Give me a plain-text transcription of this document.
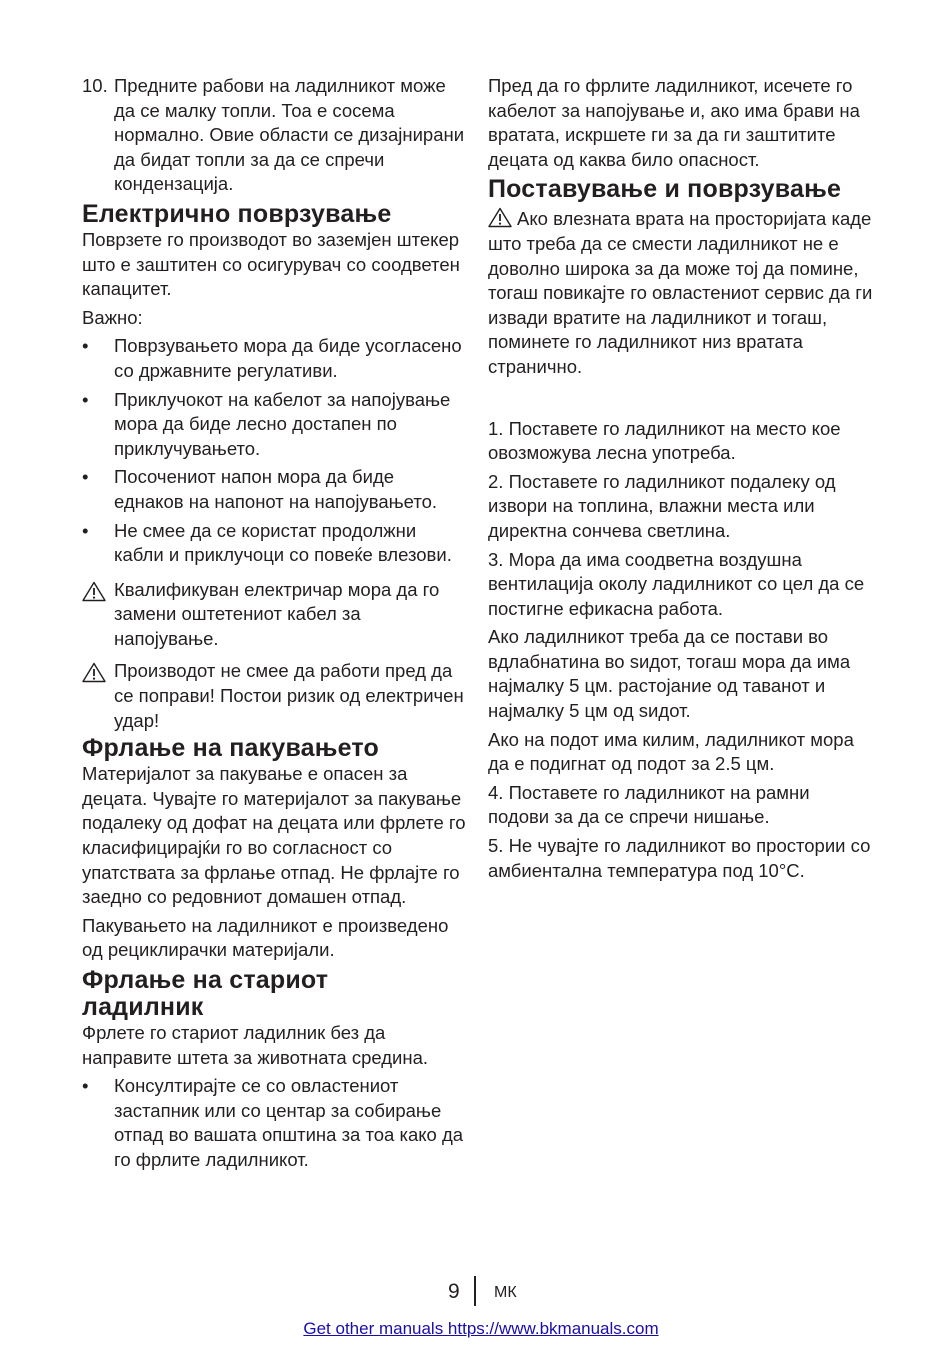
10. Предните рабови на ладилникот може да се малку топли. Тоа е сосема нормално. Овие области се дизајнирани да бидат топли за да се спречи кондензација.
Електрично поврзување

Поврзете го производот во заземјен штекер што е заштитен со осигурувач со соодветен капацитет.

Важно:

• Поврзувањето мора да биде усогласено со државните регулативи.
• Приклучокот на кабелот за напојување мора да биде лесно достапен по приклучувањето.
• Посочениот напон мора да биде еднаков на напонот на напојувањето.
• Не смее да се користат продолжни кабли и приклучоци со повеќе влезови.
Квалификуван електричар мора да го замени оштетениот кабел за напојување.
Производот не смее да работи пред да се поправи! Постои ризик од електричен удар!
Фрлање на пакувањето

Материјалот за пакување е опасен за децата. Чувајте го материјалот за пакување подалеку од дофат на децата или фрлете го класифицирајќи го во согласност со упатствата за фрлање отпад. Не фрлајте го заедно со редовниот домашен отпад.

Пакувањето на ладилникот е произведено од рециклирачки материјали.

Фрлање на стариот ладилник

Фрлете го стариот ладилник без да направите штета за животната средина.

• Консултирајте се со овластениот застапник или со центар за собирање отпад во вашата општина за тоа како да го фрлите ладилникот.

Пред да го фрлите ладилникот, исечете го кабелот за напојување и, ако има брави на вратата, искршете ги за да ги заштитите децата од каква било опасност.

Поставување и поврзување

Ако влезната врата на просторијата каде што треба да се смести ладилникот не е доволно широка за да може тој да помине, тогаш повикајте го овластениот сервис да ги извади вратите на ладилникот и тогаш, поминете го ладилникот низ вратата странично.

1. Поставете го ладилникот на место кое овозможува лесна употреба.

2. Поставете го ладилникот подалеку од извори на топлина, влажни места или директна сончева светлина.

3. Мора да има соодветна воздушна вентилација околу ладилникот со цел да се постигне ефикасна работа.

Ако ладилникот треба да се постави во вдлабнатина во ѕидот, тогаш мора да има најмалку 5 цм. растојание од таванот и најмалку 5 цм од ѕидот.

Ако на подот има килим, ладилникот мора да е подигнат од подот за 2.5 цм.

4. Поставете го ладилникот на рамни подови за да се спречи нишање.

5. Не чувајте го ладилникот во простории со амбиентална температура под 10°C.

9 МК
Get other manuals https://www.bkmanuals.com
